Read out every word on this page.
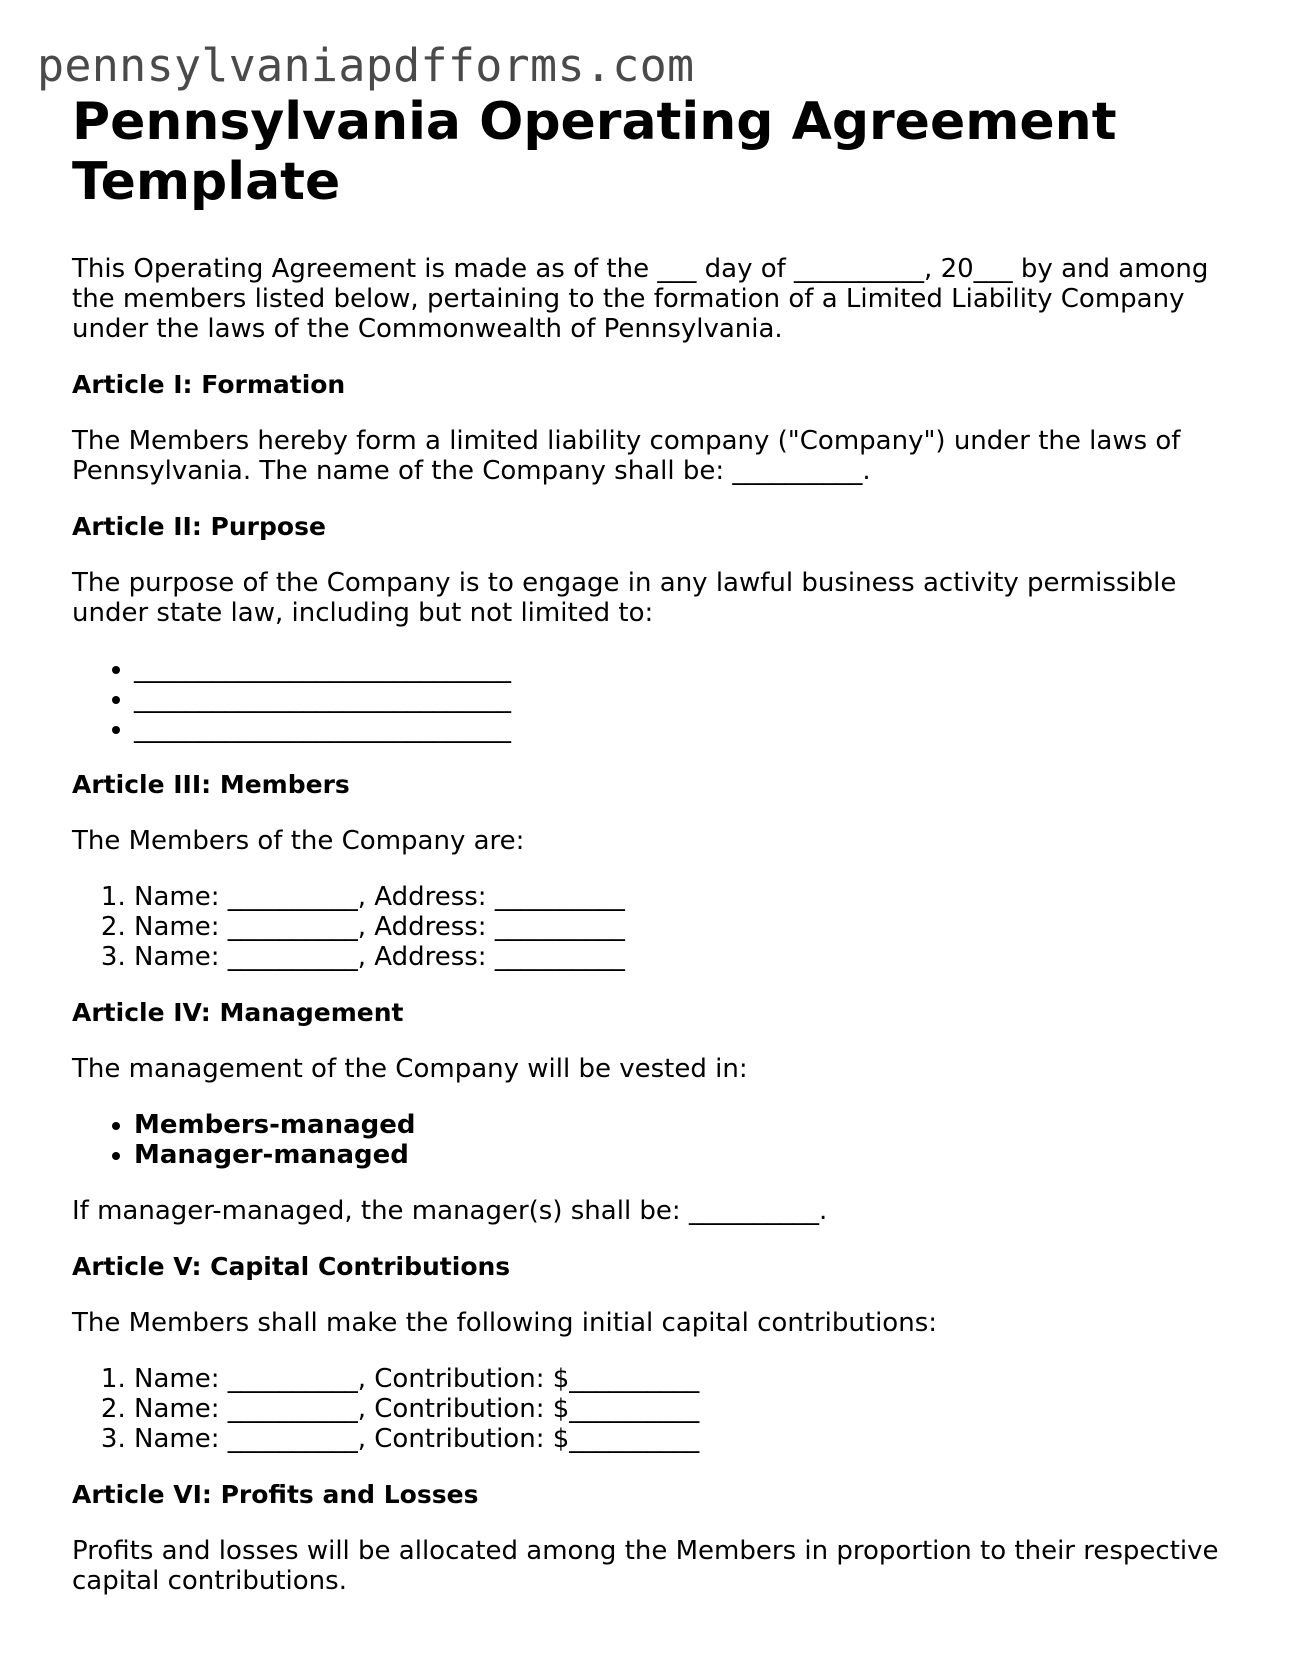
pennsylvaniapdfforms.com
Pennsylvania Operating Agreement Template

This Operating Agreement is made as of the ___ day of __________, 20___ by and among the members listed below, pertaining to the formation of a Limited Liability Company under the laws of the Commonwealth of Pennsylvania.

Article I: Formation

The Members hereby form a limited liability company ("Company") under the laws of Pennsylvania. The name of the Company shall be: __________.

Article II: Purpose

The purpose of the Company is to engage in any lawful business activity permissible under state law, including but not limited to:

• _____________________________
• _____________________________
• _____________________________

Article III: Members

The Members of the Company are:

1. Name: __________, Address: __________
2. Name: __________, Address: __________
3. Name: __________, Address: __________

Article IV: Management

The management of the Company will be vested in:

• Members-managed
• Manager-managed

If manager-managed, the manager(s) shall be: __________.

Article V: Capital Contributions

The Members shall make the following initial capital contributions:

1. Name: __________, Contribution: $__________
2. Name: __________, Contribution: $__________
3. Name: __________, Contribution: $__________

Article VI: Profits and Losses

Profits and losses will be allocated among the Members in proportion to their respective capital contributions.
